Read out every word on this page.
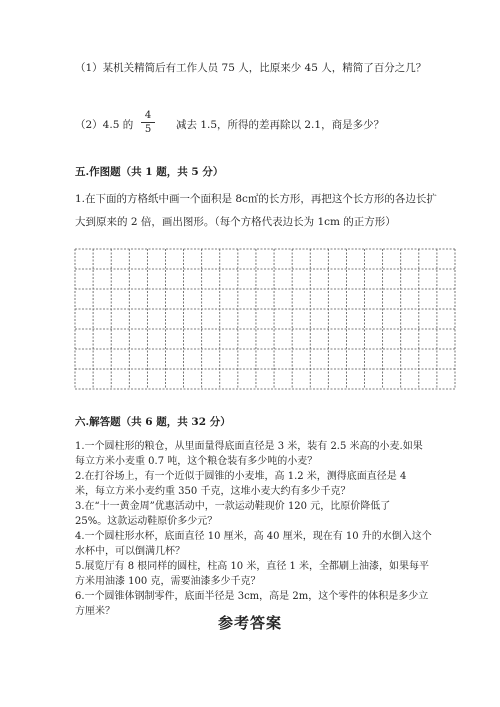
（1）某机关精简后有工作人员 75 人，比原来少 45 人，精简了百分之几？
（2）4.5 的
4
5	减去 1.5，所得的差再除以 2.1，商是多少？
五.作图题（共 1 题，共 5 分）
1.在下面的方格纸中画一个面积是 8c㎡的长方形，再把这个长方形的各边长扩
大到原来的 2 倍，画出图形。（每个方格代表边长为 1cm 的正方形）
六.解答题（共 6 题，共 32 分）
1.一个圆柱形的粮仓，从里面量得底面直径是 3 米，装有 2.5 米高的小麦.如果
每立方米小麦重 0.7 吨，这个粮仓装有多少吨的小麦？
2.在打谷场上，有一个近似于圆锥的小麦堆，高 1.2 米，测得底面直径是 4
米，每立方米小麦约重 350 千克，这堆小麦大约有多少千克？
3.在“十一黄金周”优惠活动中，一款运动鞋现价 120 元，比原价降低了
25%。这款运动鞋原价多少元？
4.一个圆柱形水杯，底面直径 10 厘米，高 40 厘米，现在有 10 升的水倒入这个
水杯中，可以倒满几杯？
5.展览厅有 8 根同样的圆柱，柱高 10 米，直径 1 米，全都刷上油漆，如果每平
方米用油漆 100 克，需要油漆多少千克？
6.一个圆锥体钢制零件，底面半径是 3cm，高是 2m，这个零件的体积是多少立
方厘米？
参考答案
